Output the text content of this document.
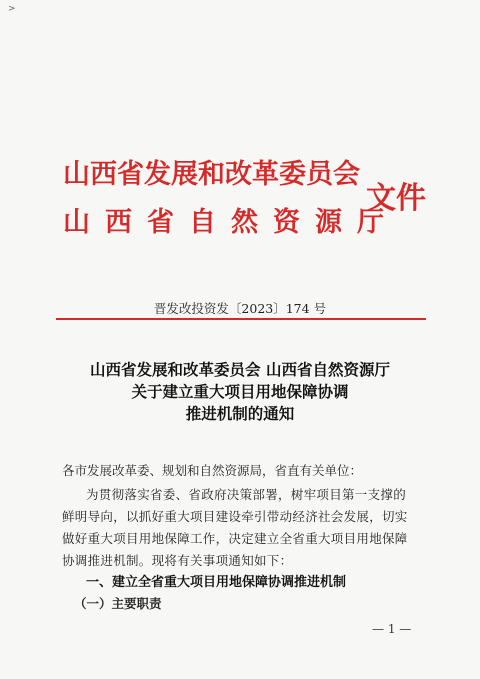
>
山西省发展和改革委员会
山西省自然资源厅
文件
晋发改投资发〔2023〕174 号
山西省发展和改革委员会 山西省自然资源厅
关于建立重大项目用地保障协调
推进机制的通知
各市发展改革委、规划和自然资源局，省直有关单位：
为贯彻落实省委、省政府决策部署，树牢项目第一支撑的
鲜明导向，以抓好重大项目建设牵引带动经济社会发展，切实
做好重大项目用地保障工作，决定建立全省重大项目用地保障
协调推进机制。现将有关事项通知如下：
一、建立全省重大项目用地保障协调推进机制
（一）主要职责
— 1 —
